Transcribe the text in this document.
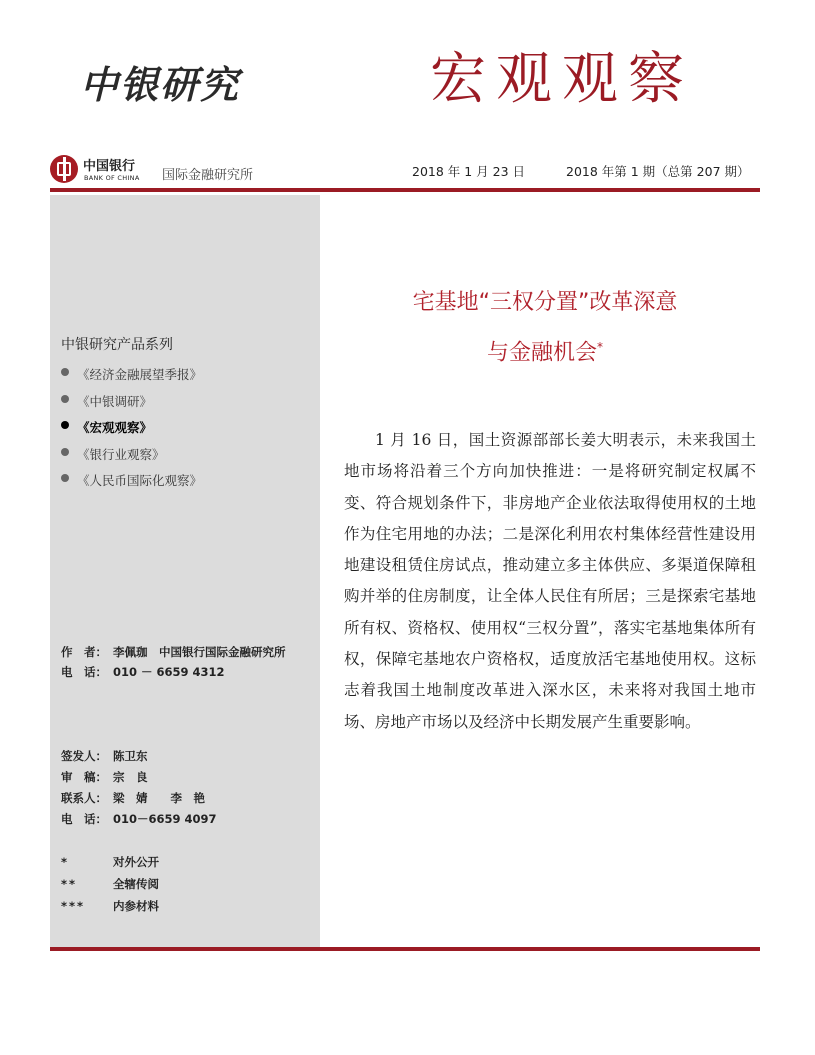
中银研究	宏观观察
中国银行
BANK OF CHINA 国际金融研究所	2018 年 1 月 23 日	2018 年第 1 期（总第 207 期）
中银研究产品系列
《经济金融展望季报》
《中银调研》
《宏观观察》
《银行业观察》
《人民币国际化观察》
作　者： 李佩珈　中国银行国际金融研究所
电　话： 010 － 6659 4312
签发人： 陈卫东
审　稿： 宗　良
联系人： 梁　婧　　李　艳
电　话： 010－6659 4097
*	对外公开
**	全辖传阅
*** 内参材料
宅基地“三权分置”改革深意
与金融机会*

1 月 16 日，国土资源部部长姜大明表示，未来我国土地市场将沿着三个方向加快推进：一是将研究制定权属不变、符合规划条件下，非房地产企业依法取得使用权的土地作为住宅用地的办法；二是深化利用农村集体经营性建设用地建设租赁住房试点，推动建立多主体供应、多渠道保障租购并举的住房制度，让全体人民住有所居；三是探索宅基地所有权、资格权、使用权“三权分置”，落实宅基地集体所有权，保障宅基地农户资格权，适度放活宅基地使用权。这标志着我国土地制度改革进入深水区，未来将对我国土地市场、房地产市场以及经济中长期发展产生重要影响。
